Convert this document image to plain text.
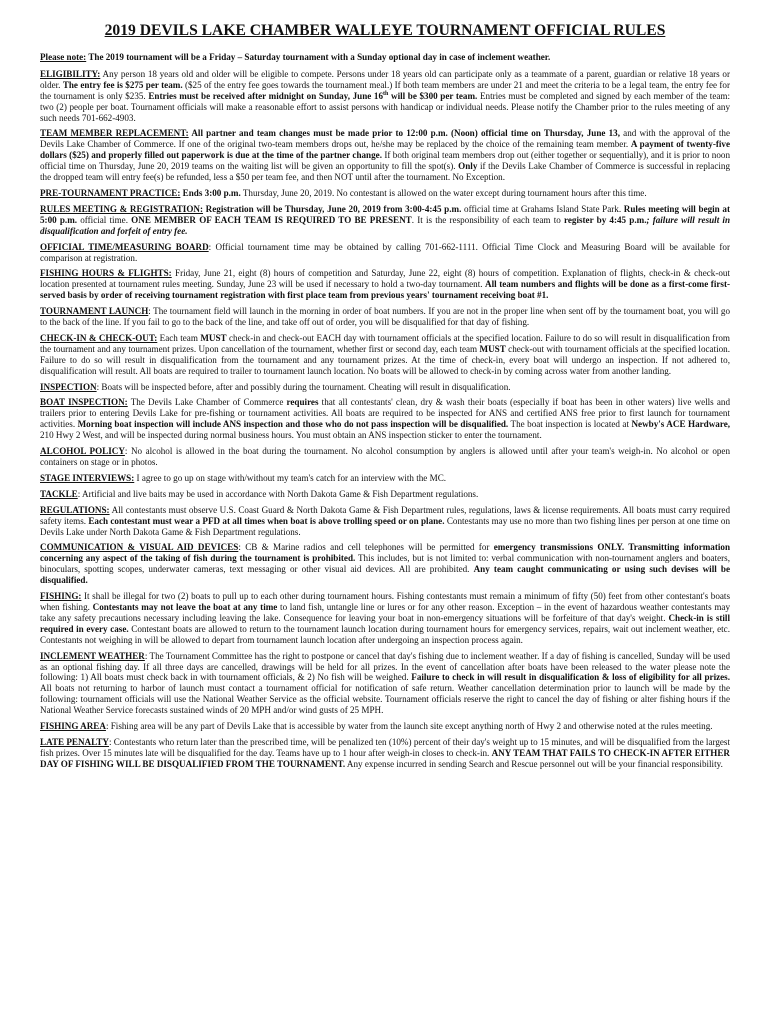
2019 DEVILS LAKE CHAMBER WALLEYE TOURNAMENT OFFICIAL RULES

Please note: The 2019 tournament will be a Friday – Saturday tournament with a Sunday optional day in case of inclement weather.

ELIGIBILITY: Any person 18 years old and older will be eligible to compete. Persons under 18 years old can participate only as a teammate of a parent, guardian or relative 18 years or older. The entry fee is $275 per team. ($25 of the entry fee goes towards the tournament meal.) If both team members are under 21 and meet the criteria to be a legal team, the entry fee for the tournament is only $235. Entries must be received after midnight on Sunday, June 16th will be $300 per team. Entries must be completed and signed by each member of the team: two (2) people per boat. Tournament officials will make a reasonable effort to assist persons with handicap or individual needs. Please notify the Chamber prior to the rules meeting of any such needs 701-662-4903.

TEAM MEMBER REPLACEMENT: All partner and team changes must be made prior to 12:00 p.m. (Noon) official time on Thursday, June 13, and with the approval of the Devils Lake Chamber of Commerce. If one of the original two-team members drops out, he/she may be replaced by the choice of the remaining team member. A payment of twenty-five dollars ($25) and properly filled out paperwork is due at the time of the partner change. If both original team members drop out (either together or sequentially), and it is prior to noon official time on Thursday, June 20, 2019 teams on the waiting list will be given an opportunity to fill the spot(s). Only if the Devils Lake Chamber of Commerce is successful in replacing the dropped team will entry fee(s) be refunded, less a $50 per team fee, and then NOT until after the tournament. No Exception.

PRE-TOURNAMENT PRACTICE: Ends 3:00 p.m. Thursday, June 20, 2019. No contestant is allowed on the water except during tournament hours after this time.

RULES MEETING & REGISTRATION: Registration will be Thursday, June 20, 2019 from 3:00-4:45 p.m. official time at Grahams Island State Park. Rules meeting will begin at 5:00 p.m. official time. ONE MEMBER OF EACH TEAM IS REQUIRED TO BE PRESENT. It is the responsibility of each team to register by 4:45 p.m.; failure will result in disqualification and forfeit of entry fee.

OFFICIAL TIME/MEASURING BOARD: Official tournament time may be obtained by calling 701-662-1111. Official Time Clock and Measuring Board will be available for comparison at registration.

FISHING HOURS & FLIGHTS: Friday, June 21, eight (8) hours of competition and Saturday, June 22, eight (8) hours of competition. Explanation of flights, check-in & check-out location presented at tournament rules meeting. Sunday, June 23 will be used if necessary to hold a two-day tournament. All team numbers and flights will be done as a first-come first-served basis by order of receiving tournament registration with first place team from previous years' tournament receiving boat #1.

TOURNAMENT LAUNCH: The tournament field will launch in the morning in order of boat numbers. If you are not in the proper line when sent off by the tournament boat, you will go to the back of the line. If you fail to go to the back of the line, and take off out of order, you will be disqualified for that day of fishing.

CHECK-IN & CHECK-OUT: Each team MUST check-in and check-out EACH day with tournament officials at the specified location. Failure to do so will result in disqualification from the tournament and any tournament prizes. Upon cancellation of the tournament, whether first or second day, each team MUST check-out with tournament officials at the specified location. Failure to do so will result in disqualification from the tournament and any tournament prizes. At the time of check-in, every boat will undergo an inspection. If not adhered to, disqualification will result. All boats are required to trailer to tournament launch location. No boats will be allowed to check-in by coming across water from another landing.

INSPECTION: Boats will be inspected before, after and possibly during the tournament. Cheating will result in disqualification.

BOAT INSPECTION: The Devils Lake Chamber of Commerce requires that all contestants' clean, dry & wash their boats (especially if boat has been in other waters) live wells and trailers prior to entering Devils Lake for pre-fishing or tournament activities. All boats are required to be inspected for ANS and certified ANS free prior to first launch for tournament activities. Morning boat inspection will include ANS inspection and those who do not pass inspection will be disqualified. The boat inspection is located at Newby's ACE Hardware, 210 Hwy 2 West, and will be inspected during normal business hours. You must obtain an ANS inspection sticker to enter the tournament.

ALCOHOL POLICY: No alcohol is allowed in the boat during the tournament. No alcohol consumption by anglers is allowed until after your team's weigh-in. No alcohol or open containers on stage or in photos.

STAGE INTERVIEWS: I agree to go up on stage with/without my team's catch for an interview with the MC.

TACKLE: Artificial and live baits may be used in accordance with North Dakota Game & Fish Department regulations.

REGULATIONS: All contestants must observe U.S. Coast Guard & North Dakota Game & Fish Department rules, regulations, laws & license requirements. All boats must carry required safety items. Each contestant must wear a PFD at all times when boat is above trolling speed or on plane. Contestants may use no more than two fishing lines per person at one time on Devils Lake under North Dakota Game & Fish Department regulations.

COMMUNICATION & VISUAL AID DEVICES: CB & Marine radios and cell telephones will be permitted for emergency transmissions ONLY. Transmitting information concerning any aspect of the taking of fish during the tournament is prohibited. This includes, but is not limited to: verbal communication with non-tournament anglers and boaters, binoculars, spotting scopes, underwater cameras, text messaging or other visual aid devices. All are prohibited. Any team caught communicating or using such devises will be disqualified.

FISHING: It shall be illegal for two (2) boats to pull up to each other during tournament hours. Fishing contestants must remain a minimum of fifty (50) feet from other contestant's boats when fishing. Contestants may not leave the boat at any time to land fish, untangle line or lures or for any other reason. Exception – in the event of hazardous weather contestants may take any safety precautions necessary including leaving the lake. Consequence for leaving your boat in non-emergency situations will be forfeiture of that day's weight. Check-in is still required in every case. Contestant boats are allowed to return to the tournament launch location during tournament hours for emergency services, repairs, wait out inclement weather, etc. Contestants not weighing in will be allowed to depart from tournament launch location after undergoing an inspection process again.

INCLEMENT WEATHER: The Tournament Committee has the right to postpone or cancel that day's fishing due to inclement weather. If a day of fishing is cancelled, Sunday will be used as an optional fishing day. If all three days are cancelled, drawings will be held for all prizes. In the event of cancellation after boats have been released to the water please note the following: 1) All boats must check back in with tournament officials, & 2) No fish will be weighed. Failure to check in will result in disqualification & loss of eligibility for all prizes. All boats not returning to harbor of launch must contact a tournament official for notification of safe return. Weather cancellation determination prior to launch will be made by the following: tournament officials will use the National Weather Service as the official website. Tournament officials reserve the right to cancel the day of fishing or alter fishing hours if the National Weather Service forecasts sustained winds of 20 MPH and/or wind gusts of 25 MPH.

FISHING AREA: Fishing area will be any part of Devils Lake that is accessible by water from the launch site except anything north of Hwy 2 and otherwise noted at the rules meeting.

LATE PENALTY: Contestants who return later than the prescribed time, will be penalized ten (10%) percent of their day's weight up to 15 minutes, and will be disqualified from the largest fish prizes. Over 15 minutes late will be disqualified for the day. Teams have up to 1 hour after weigh-in closes to check-in. ANY TEAM THAT FAILS TO CHECK-IN AFTER EITHER DAY OF FISHING WILL BE DISQUALIFIED FROM THE TOURNAMENT. Any expense incurred in sending Search and Rescue personnel out will be your financial responsibility.
